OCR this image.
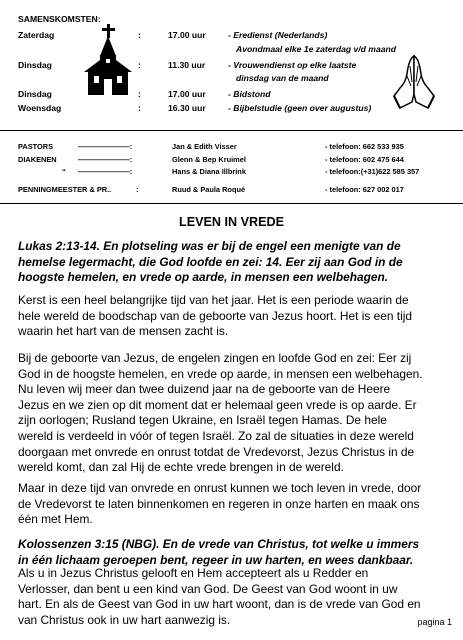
SAMENSKOMSTEN:
Zaterdag	:	17.00 uur	- Eredienst (Nederlands)
Avondmaal elke 1e zaterdag v/d maand
Dinsdag	:	11.30 uur	- Vrouwendienst op elke laatste
dinsdag van de maand
Dinsdag	:	17.00 uur	- Bidstond
Woensdag	:	16.30 uur	- Bijbelstudie (geen over augustus)
PASTORS	———————:	Jan & Edith Visser	- telefoon: 662 533 935
DIAKENEN	———————:	Glenn & Bep Kruimel	- telefoon: 602 475 644
“ ———————:	Hans & Diana Illbrink	- telefoon:(+31)622 585 357
PENNINGMEESTER & PR..	:	Ruud & Paula Roqué	- telefoon: 627 002 017
LEVEN IN VREDE
Lukas 2:13-14. En plotseling was er bij de engel een menigte van de
hemelse legermacht, die God loofde en zei: 14. Eer zij aan God in de
hoogste hemelen, en vrede op aarde, in mensen een welbehagen.
Kerst is een heel belangrijke tijd van het jaar. Het is een periode waarin de
hele wereld de boodschap van de geboorte van Jezus hoort. Het is een tijd
waarin het hart van de mensen zacht is.
Bij de geboorte van Jezus, de engelen zingen en loofde God en zei: Eer zij
God in de hoogste hemelen, en vrede op aarde, in mensen een welbehagen.
Nu leven wij meer dan twee duizend jaar na de geboorte van de Heere
Jezus en we zien op dit moment dat er helemaal geen vrede is op aarde. Er
zijn oorlogen; Rusland tegen Ukraine, en Israël tegen Hamas. De hele
wereld is verdeeld in vóór of tegen Israël. Zo zal de situaties in deze wereld
doorgaan met onvrede en onrust totdat de Vredevorst, Jezus Christus in de
wereld komt, dan zal Hij de echte vrede brengen in de wereld.
Maar in deze tijd van onvrede en onrust kunnen we toch leven in vrede, door
de Vredevorst te laten binnenkomen en regeren in onze harten en maak ons
één met Hem.
Kolossenzen 3:15 (NBG). En de vrede van Christus, tot welke u immers
in één lichaam geroepen bent, regeer in uw harten, en wees dankbaar.
Als u in Jezus Christus gelooft en Hem accepteert als u Redder en
Verlosser, dan bent u een kind van God. De Geest van God woont in uw
hart. En als de Geest van God in uw hart woont, dan is de vrede van God en
van Christus ook in uw hart aanwezig is.	pagina 1
